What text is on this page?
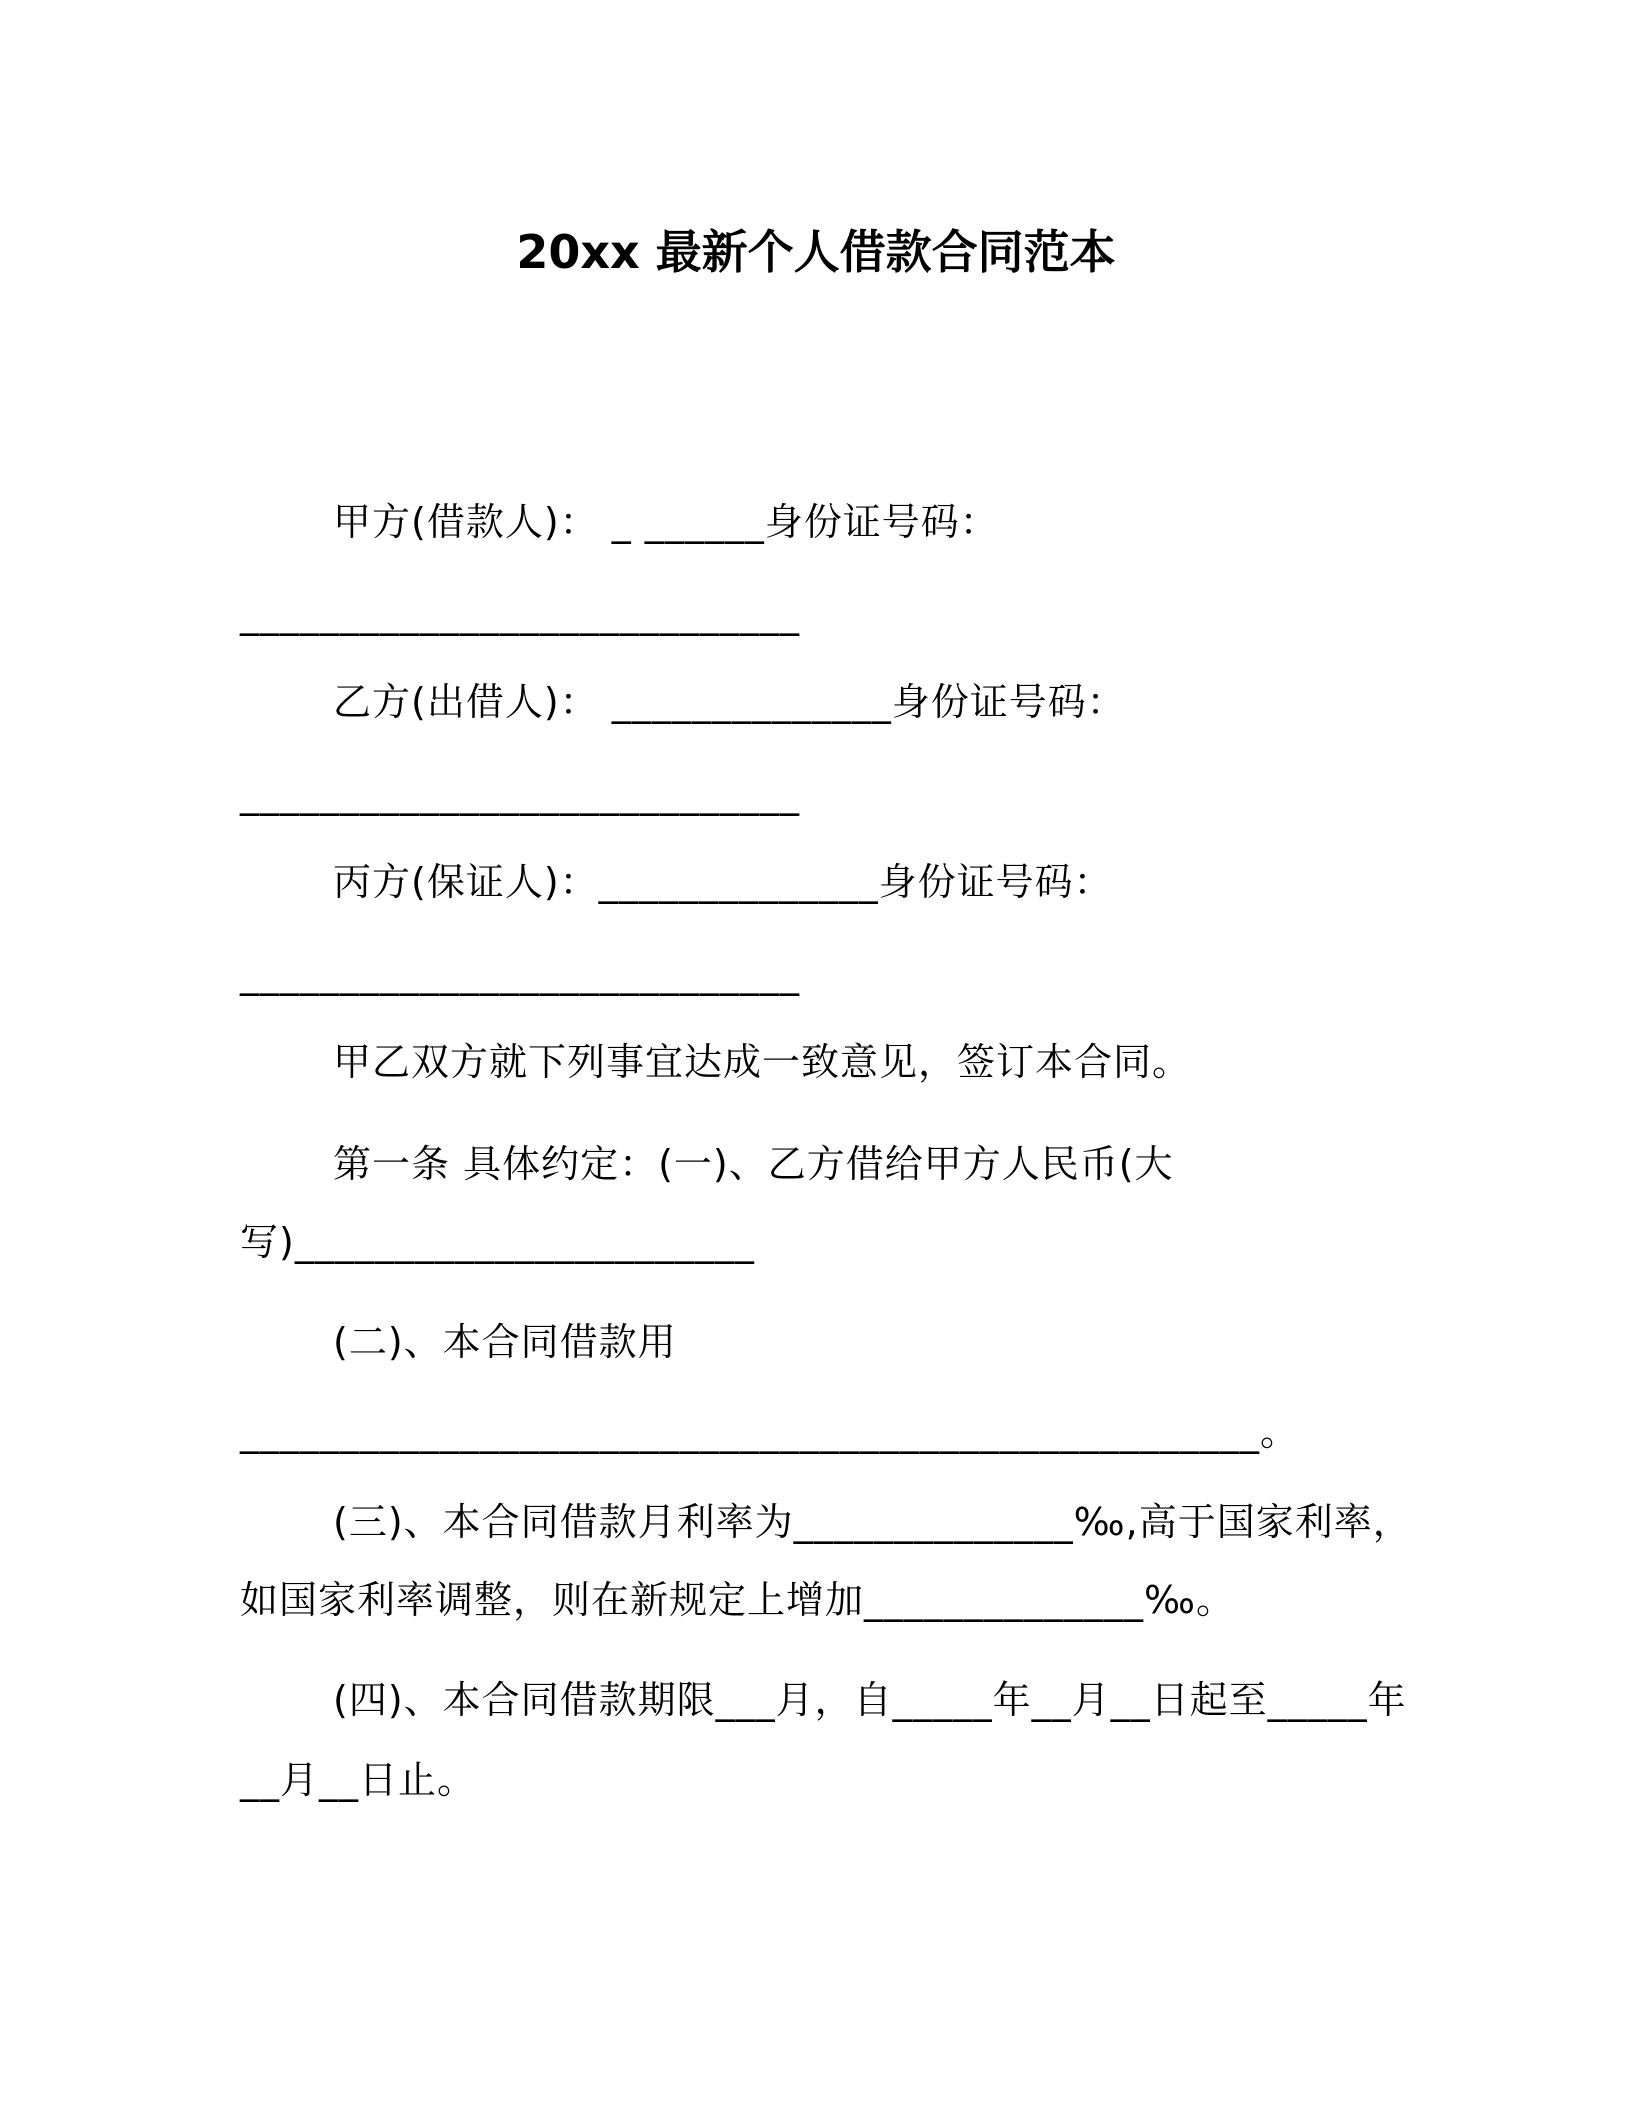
20xx 最新个人借款合同范本
甲方(借款人)： _ ______身份证号码：
____________________________
乙方(出借人)： ______________身份证号码：
____________________________
丙方(保证人)：______________身份证号码：
____________________________
甲乙双方就下列事宜达成一致意见，签订本合同。
第一条 具体约定：(一)、乙方借给甲方人民币(大
写)_______________________
(二)、本合同借款用
___________________________________________________。
(三)、本合同借款月利率为______________‰,高于国家利率，
如国家利率调整，则在新规定上增加______________‰。
(四)、本合同借款期限___月，自_____年__月__日起至_____年
__月__日止。
